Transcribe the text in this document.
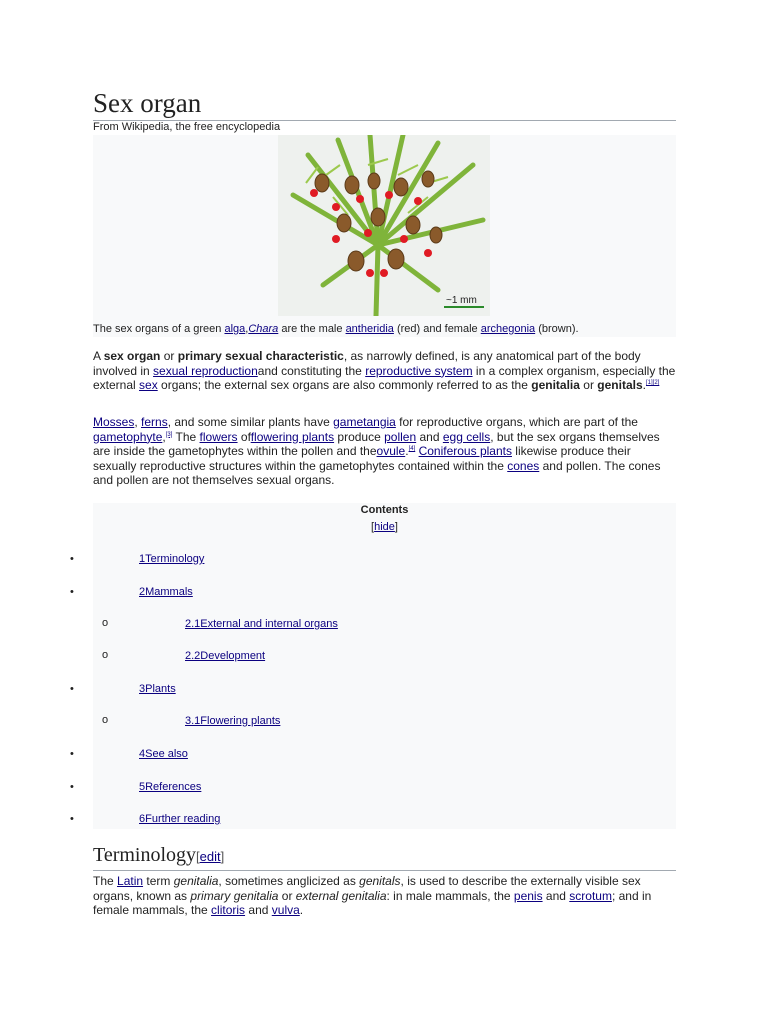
Sex organ
From Wikipedia, the free encyclopedia
~1 mm
The sex organs of a green alga,Chara are the male antheridia (red) and female archegonia (brown).

A sex organ or primary sexual characteristic, as narrowly defined, is any anatomical part of the body involved in sexual reproductionand constituting the reproductive system in a complex organism, especially the external sex organs; the external sex organs are also commonly referred to as the genitalia or genitals.[1][2]

Mosses, ferns, and some similar plants have gametangia for reproductive organs, which are part of the gametophyte,[3] The flowers offlowering plants produce pollen and egg cells, but the sex organs themselves are inside the gametophytes within the pollen and theovule.[4] Coniferous plants likewise produce their sexually reproductive structures within the gametophytes contained within the cones and pollen. The cones and pollen are not themselves sexual organs.

Contents
[hide]
•	1Terminology
•	2Mammals
o	2.1External and internal organs
o	2.2Development
•	3Plants
o	3.1Flowering plants
•	4See also
•	5References
•	6Further reading
Terminology[edit]

The Latin term genitalia, sometimes anglicized as genitals, is used to describe the externally visible sex organs, known as primary genitalia or external genitalia: in male mammals, the penis and scrotum; and in female mammals, the clitoris and vulva.
